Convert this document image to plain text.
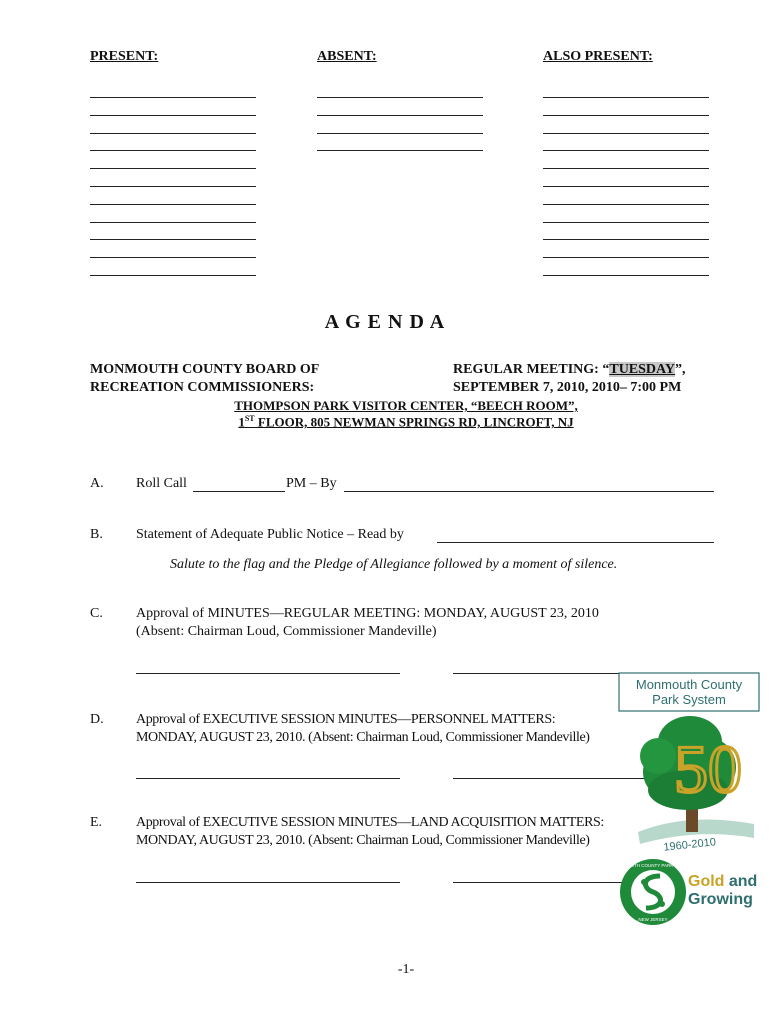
PRESENT:	ABSENT:	ALSO PRESENT:
A G E N D A
MONMOUTH COUNTY BOARD OF
RECREATION COMMISSIONERS:
REGULAR MEETING: “TUESDAY”,
SEPTEMBER 7, 2010, 2010– 7:00 PM
THOMPSON PARK VISITOR CENTER, “BEECH ROOM”,
1ST FLOOR, 805 NEWMAN SPRINGS RD, LINCROFT, NJ
A. Roll Call	PM – By
B. Statement of Adequate Public Notice – Read by
Salute to the flag and the Pledge of Allegiance followed by a moment of silence.
C. Approval of MINUTES—REGULAR MEETING: MONDAY, AUGUST 23, 2010
(Absent: Chairman Loud, Commissioner Mandeville)
D. Approval of EXECUTIVE SESSION MINUTES—PERSONNEL MATTERS:
MONDAY, AUGUST 23, 2010. (Absent: Chairman Loud, Commissioner Mandeville)
E. Approval of EXECUTIVE SESSION MINUTES—LAND ACQUISITION MATTERS:
MONDAY, AUGUST 23, 2010. (Absent: Chairman Loud, Commissioner Mandeville)
Monmouth County
Park System
50
1960-2010
MONMOUTH COUNTY PARK SYSTEM
NEW JERSEY
Gold and
Growing
-1-
